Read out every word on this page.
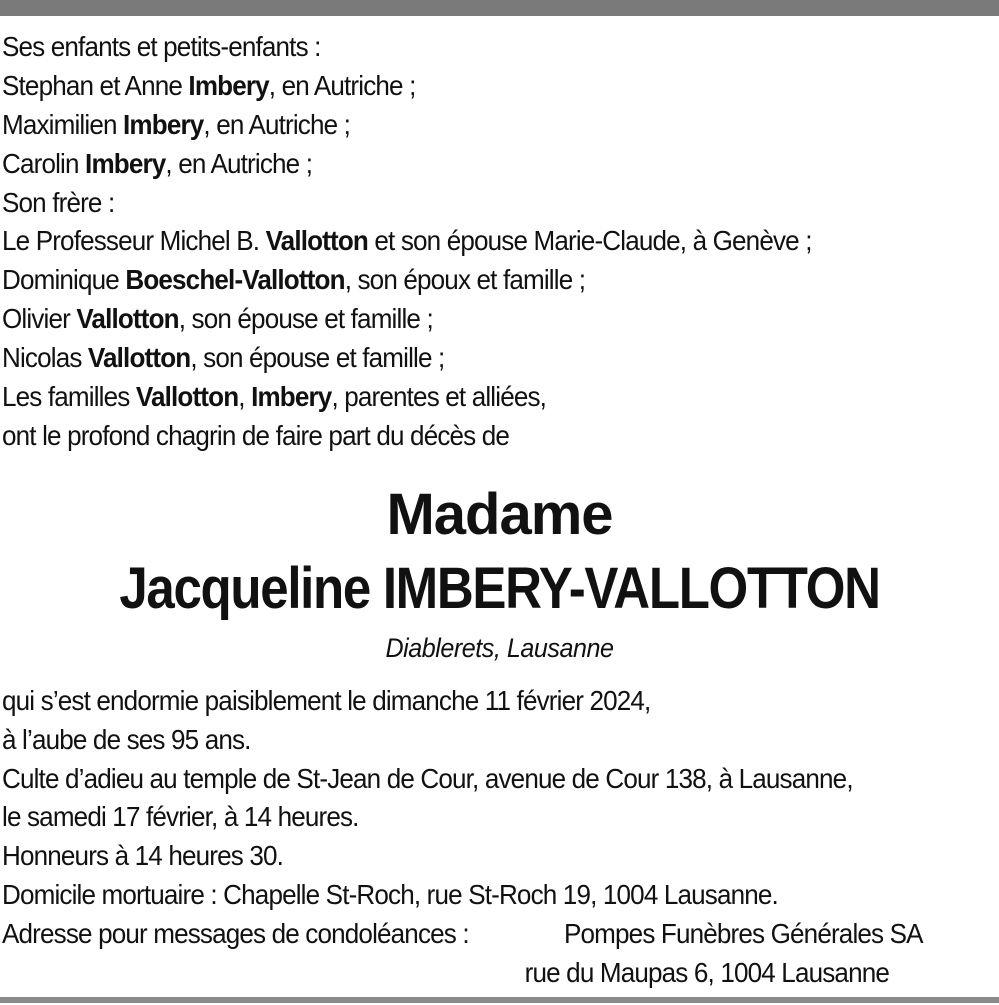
Ses enfants et petits-enfants :
Stephan et Anne Imbery, en Autriche ;
Maximilien Imbery, en Autriche ;
Carolin Imbery, en Autriche ;
Son frère :
Le Professeur Michel B. Vallotton et son épouse Marie-Claude, à Genève ;
Dominique Boeschel-Vallotton, son époux et famille ;
Olivier Vallotton, son épouse et famille ;
Nicolas Vallotton, son épouse et famille ;
Les familles Vallotton, Imbery, parentes et alliées,
ont le profond chagrin de faire part du décès de
Madame
Jacqueline IMBERY-VALLOTTON
Diablerets, Lausanne
qui s’est endormie paisiblement le dimanche 11 février 2024,
à l’aube de ses 95 ans.
Culte d’adieu au temple de St-Jean de Cour, avenue de Cour 138, à Lausanne,
le samedi 17 février, à 14 heures.
Honneurs à 14 heures 30.
Domicile mortuaire : Chapelle St-Roch, rue St-Roch 19, 1004 Lausanne.
Adresse pour messages de condoléances :	Pompes Funèbres Générales SA
rue du Maupas 6, 1004 Lausanne
